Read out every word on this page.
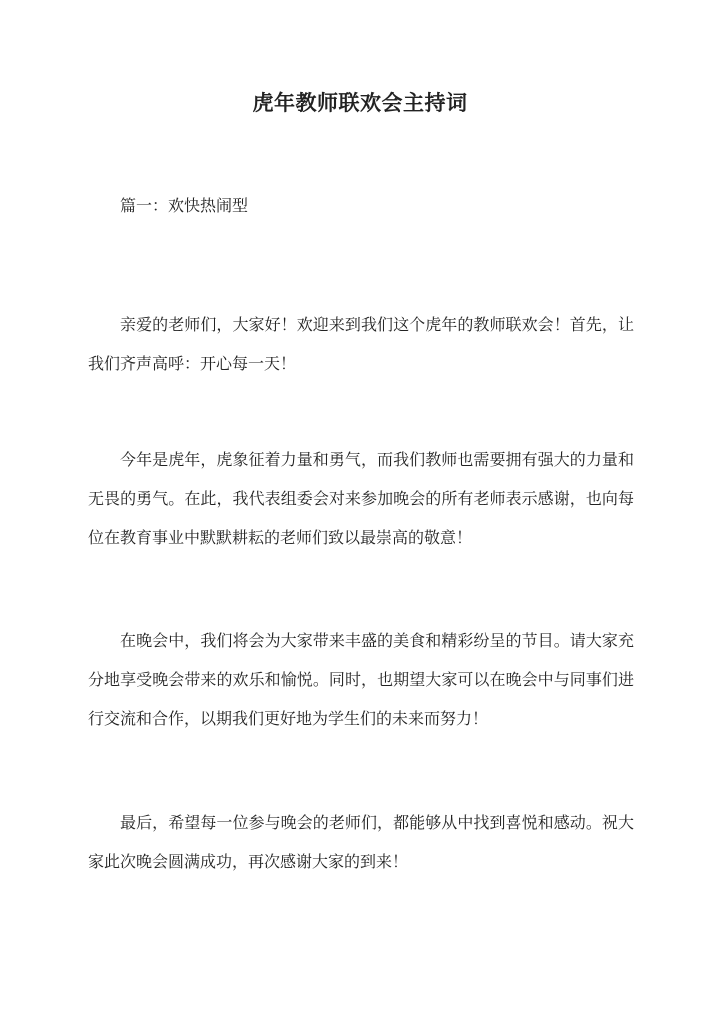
虎年教师联欢会主持词
篇一：欢快热闹型

亲爱的老师们，大家好！欢迎来到我们这个虎年的教师联欢会！首先，让我们齐声高呼：开心每一天！

今年是虎年，虎象征着力量和勇气，而我们教师也需要拥有强大的力量和无畏的勇气。在此，我代表组委会对来参加晚会的所有老师表示感谢，也向每位在教育事业中默默耕耘的老师们致以最崇高的敬意！

在晚会中，我们将会为大家带来丰盛的美食和精彩纷呈的节目。请大家充分地享受晚会带来的欢乐和愉悦。同时，也期望大家可以在晚会中与同事们进行交流和合作，以期我们更好地为学生们的未来而努力！

最后，希望每一位参与晚会的老师们，都能够从中找到喜悦和感动。祝大家此次晚会圆满成功，再次感谢大家的到来！
